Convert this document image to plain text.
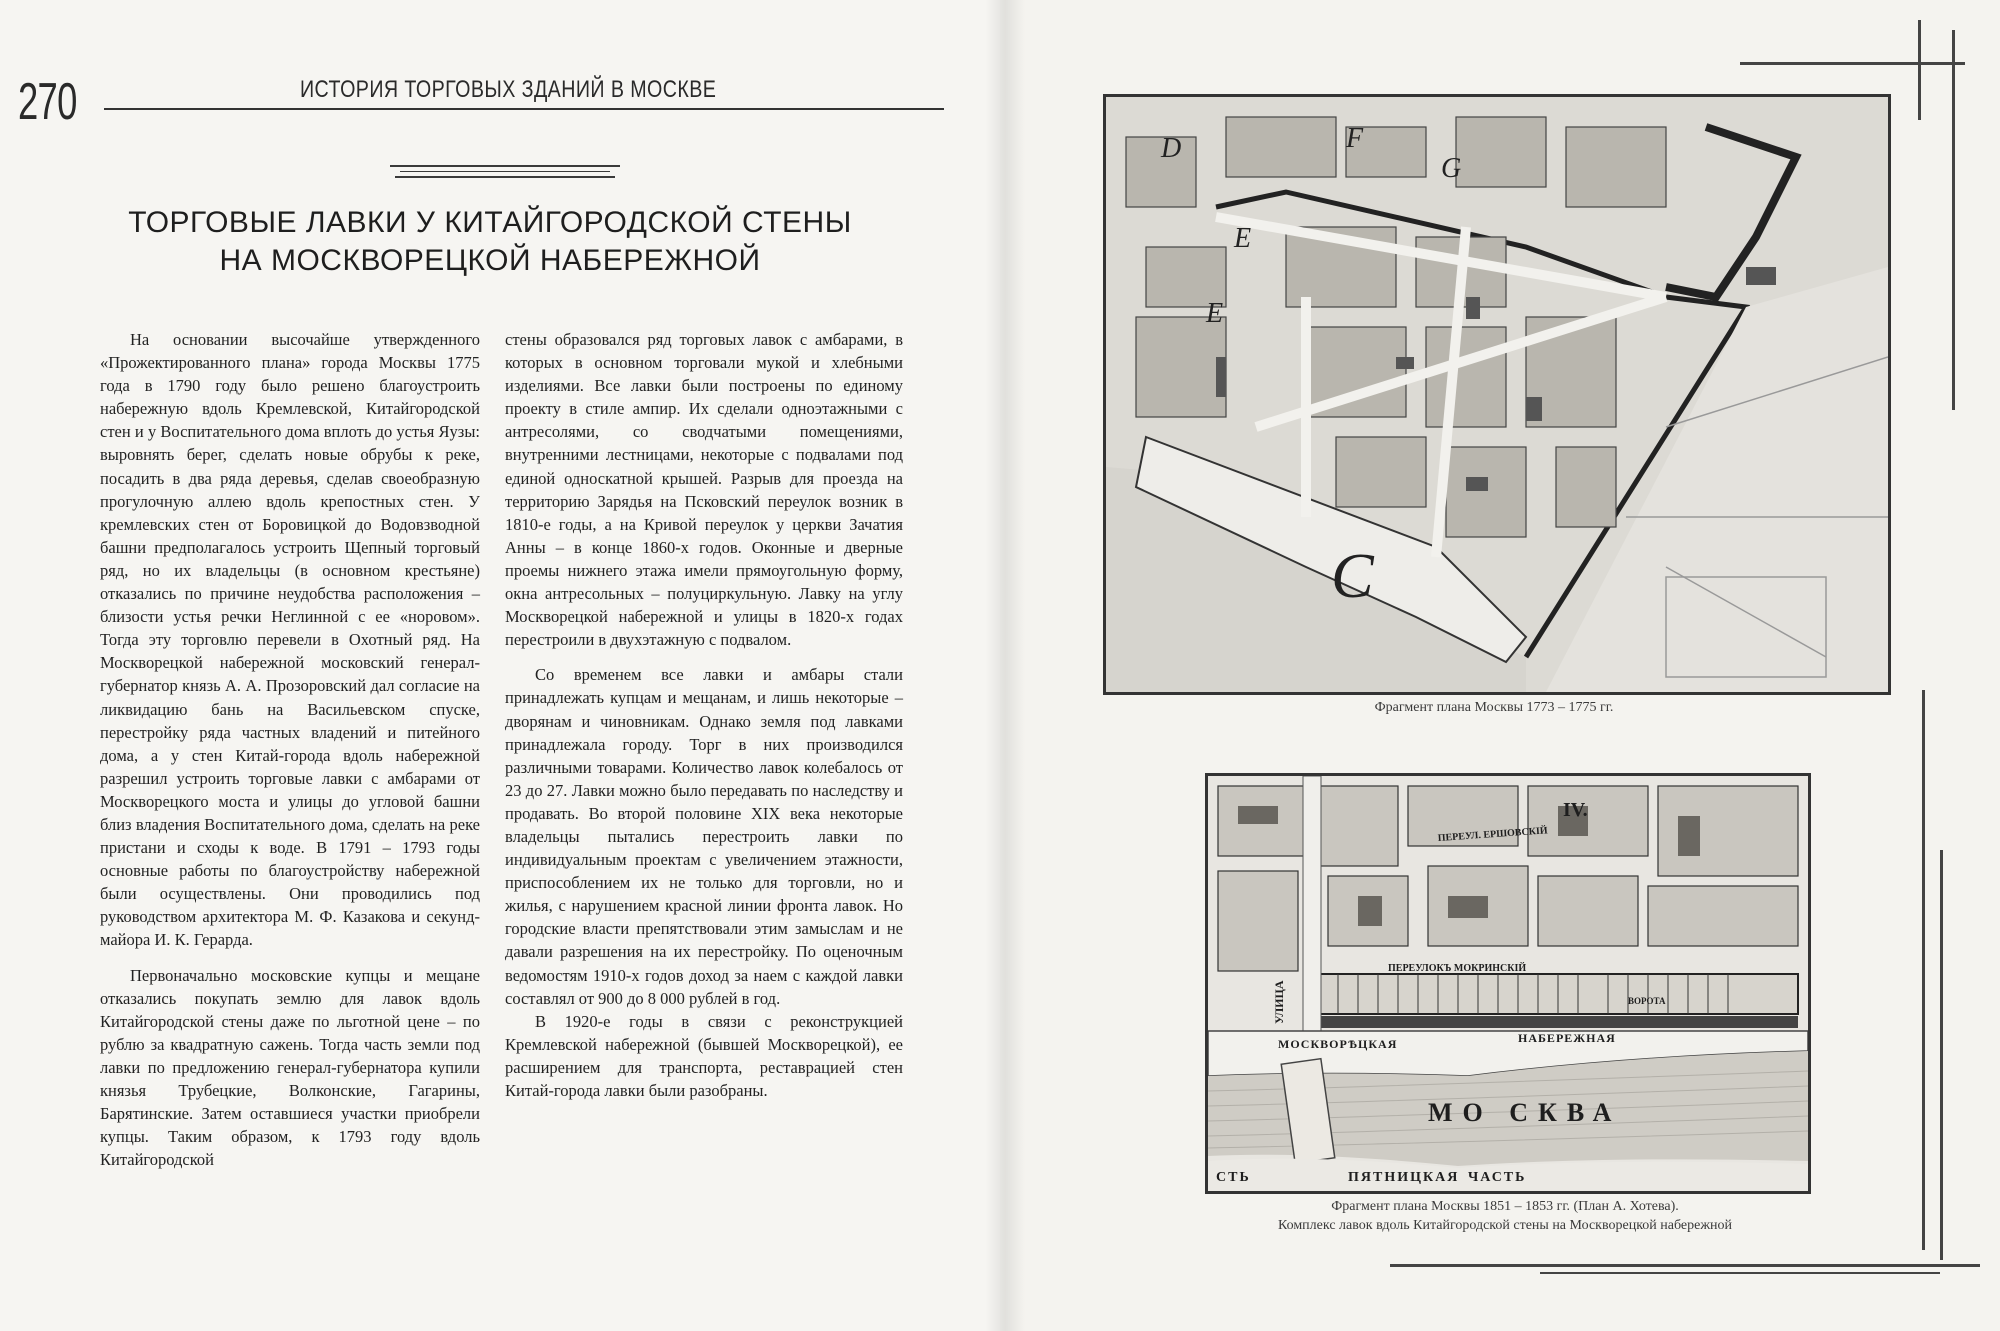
270	ИСТОРИЯ ТОРГОВЫХ ЗДАНИЙ В МОСКВЕ
ТОРГОВЫЕ ЛАВКИ У КИТАЙГОРОДСКОЙ СТЕНЫ
НА МОСКВОРЕЦКОЙ НАБЕРЕЖНОЙ

На основании высочайше утвержденного «Прожектированного плана» города Москвы 1775 года в 1790 году было решено благоустроить набережную вдоль Кремлевской, Китайгородской стен и у Воспитательного дома вплоть до устья Яузы: выровнять берег, сделать новые обрубы к реке, посадить в два ряда деревья, сделав своеобразную прогулочную аллею вдоль крепостных стен. У кремлевских стен от Боровицкой до Водовзводной башни предполагалось устроить Щепный торговый ряд, но их владельцы (в основном крестьяне) отказались по причине неудобства расположения – близости устья речки Неглинной с ее «норовом». Тогда эту торговлю перевели в Охотный ряд. На Москворецкой набережной московский генерал-губернатор князь А. А. Прозоровский дал согласие на ликвидацию бань на Васильевском спуске, перестройку ряда частных владений и питейного дома, а у стен Китай-города вдоль набережной разрешил устроить торговые лавки с амбарами от Москворецкого моста и улицы до угловой башни близ владения Воспитательного дома, сделать на реке пристани и сходы к воде. В 1791 – 1793 годы основные работы по благоустройству набережной были осуществлены. Они проводились под руководством архитектора М. Ф. Казакова и секунд-майора И. К. Герарда.

Первоначально московские купцы и мещане отказались покупать землю для лавок вдоль Китайгородской стены даже по льготной цене – по рублю за квадратную сажень. Тогда часть земли под лавки по предложению генерал-губернатора купили князья Трубецкие, Волконские, Гагарины, Барятинские. Затем оставшиеся участки приобрели купцы. Таким образом, к 1793 году вдоль Китайгородской

стены образовался ряд торговых лавок с амбарами, в которых в основном торговали мукой и хлебными изделиями. Все лавки были построены по единому проекту в стиле ампир. Их сделали одноэтажными с антресолями, со сводчатыми помещениями, внутренними лестницами, некоторые с подвалами под единой односкатной крышей. Разрыв для проезда на территорию Зарядья на Псковский переулок возник в 1810-е годы, а на Кривой переулок у церкви Зачатия Анны – в конце 1860-х годов. Оконные и дверные проемы нижнего этажа имели прямоугольную форму, окна антресольных – полуциркульную. Лавку на углу Москворецкой набережной и улицы в 1820-х годах перестроили в двухэтажную с подвалом.

Со временем все лавки и амбары стали принадлежать купцам и мещанам, и лишь некоторые – дворянам и чиновникам. Однако земля под лавками принадлежала городу. Торг в них производился различными товарами. Количество лавок колебалось от 23 до 27. Лавки можно было передавать по наследству и продавать. Во второй половине XIX века некоторые владельцы пытались перестроить лавки по индивидуальным проектам с увеличением этажности, приспособлением их не только для торговли, но и жилья, с нарушением красной линии фронта лавок. Но городские власти препятствовали этим замыслам и не давали разрешения на их перестройку. По оценочным ведомостям 1910-х годов доход за наем с каждой лавки составлял от 900 до 8 000 рублей в год.

В 1920-е годы в связи с реконструкцией Кремлевской набережной (бывшей Москворецкой), ее расширением для транспорта, реставрацией стен Китай-города лавки были разобраны.

D	F
G
E
E
C
Фрагмент плана Москвы 1773 – 1775 гг.
IV.
ПЕРЕУЛ. ЕРШОВСКІЙ
ПЕРЕУЛОКЪ МОКРИНСКІЙ
ВОРОТА
УЛИЦА
МОСКВОРѢЦКАЯ	НАБЕРЕЖНАЯ
МО СКВА
СТЬ	ПЯТНИЦКАЯ ЧАСТЬ
Фрагмент плана Москвы 1851 – 1853 гг. (План А. Хотева).
Комплекс лавок вдоль Китайгородской стены на Москворецкой набережной
